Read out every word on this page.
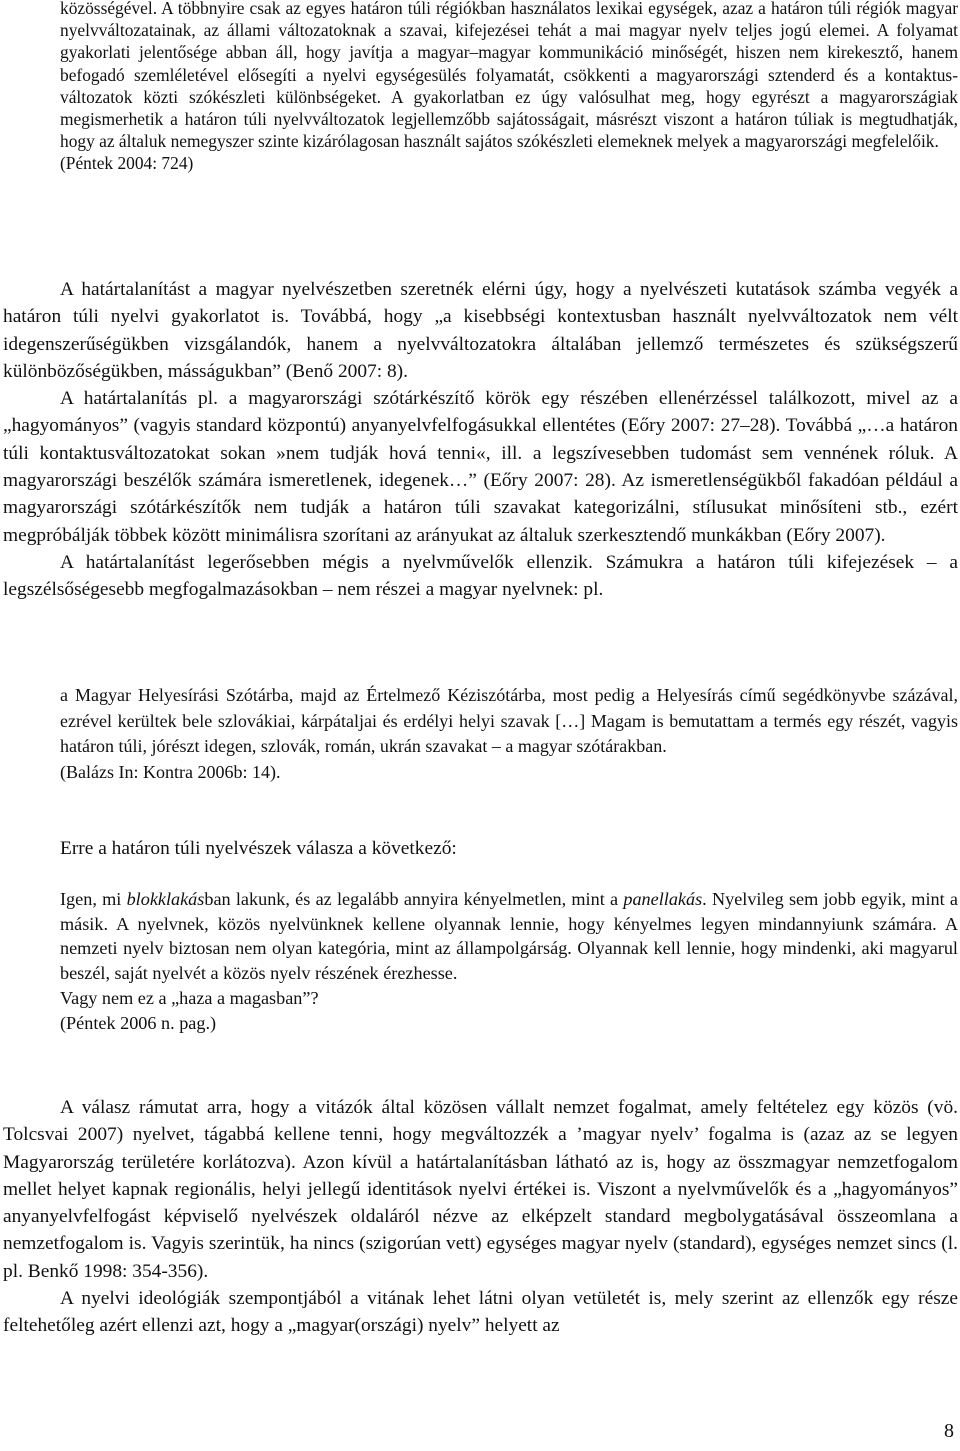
közösségével. A többnyire csak az egyes határon túli régiókban használatos lexikai egységek, azaz a határon túli régiók magyar nyelvváltozatainak, az állami változatoknak a szavai, kifejezései tehát a mai magyar nyelv teljes jogú elemei. A folyamat gyakorlati jelentősége abban áll, hogy javítja a magyar–magyar kommunikáció minőségét, hiszen nem kirekesztő, hanem befogadó szemléletével elősegíti a nyelvi egységesülés folyamatát, csökkenti a magyarországi sztenderd és a kontaktus-változatok közti szókészleti különbségeket. A gyakorlatban ez úgy valósulhat meg, hogy egyrészt a magyarországiak megismerhetik a határon túli nyelvváltozatok legjellemzőbb sajátosságait, másrészt viszont a határon túliak is megtudhatják, hogy az általuk nemegyszer szinte kizárólagosan használt sajátos szókészleti elemeknek melyek a magyarországi megfelelőik.

(Péntek 2004: 724)

A határtalanítást a magyar nyelvészetben szeretnék elérni úgy, hogy a nyelvészeti kutatások számba vegyék a határon túli nyelvi gyakorlatot is. Továbbá, hogy „a kisebbségi kontextusban használt nyelvváltozatok nem vélt idegenszerűségükben vizsgálandók, hanem a nyelvváltozatokra általában jellemző természetes és szükségszerű különbözőségükben, másságukban” (Benő 2007: 8).

A határtalanítás pl. a magyarországi szótárkészítő körök egy részében ellenérzéssel találkozott, mivel az a „hagyományos” (vagyis standard központú) anyanyelvfelfogásukkal ellentétes (Eőry 2007: 27–28). Továbbá „…a határon túli kontaktusváltozatokat sokan »nem tudják hová tenni«, ill. a legszívesebben tudomást sem vennének róluk. A magyarországi beszélők számára ismeretlenek, idegenek…” (Eőry 2007: 28). Az ismeretlenségükből fakadóan például a magyarországi szótárkészítők nem tudják a határon túli szavakat kategorizálni, stílusukat minősíteni stb., ezért megpróbálják többek között minimálisra szorítani az arányukat az általuk szerkesztendő munkákban (Eőry 2007).

A határtalanítást legerősebben mégis a nyelvművelők ellenzik. Számukra a határon túli kifejezések – a legszélsőségesebb megfogalmazásokban – nem részei a magyar nyelvnek: pl.

a Magyar Helyesírási Szótárba, majd az Értelmező Kéziszótárba, most pedig a Helyesírás című segédkönyvbe százával, ezrével kerültek bele szlovákiai, kárpátaljai és erdélyi helyi szavak […] Magam is bemutattam a termés egy részét, vagyis határon túli, jórészt idegen, szlovák, román, ukrán szavakat – a magyar szótárakban.

(Balázs In: Kontra 2006b: 14).

Erre a határon túli nyelvészek válasza a következő:

Igen, mi blokklakásban lakunk, és az legalább annyira kényelmetlen, mint a panellakás. Nyelvileg sem jobb egyik, mint a másik. A nyelvnek, közös nyelvünknek kellene olyannak lennie, hogy kényelmes legyen mindannyiunk számára. A nemzeti nyelv biztosan nem olyan kategória, mint az állampolgárság. Olyannak kell lennie, hogy mindenki, aki magyarul beszél, saját nyelvét a közös nyelv részének érezhesse.

Vagy nem ez a „haza a magasban”?

(Péntek 2006 n. pag.)

A válasz rámutat arra, hogy a vitázók által közösen vállalt nemzet fogalmat, amely feltételez egy közös (vö. Tolcsvai 2007) nyelvet, tágabbá kellene tenni, hogy megváltozzék a ’magyar nyelv’ fogalma is (azaz az se legyen Magyarország területére korlátozva). Azon kívül a határtalanításban látható az is, hogy az összmagyar nemzetfogalom mellet helyet kapnak regionális, helyi jellegű identitások nyelvi értékei is. Viszont a nyelvművelők és a „hagyományos” anyanyelvfelfogást képviselő nyelvészek oldaláról nézve az elképzelt standard megbolygatásával összeomlana a nemzetfogalom is. Vagyis szerintük, ha nincs (szigorúan vett) egységes magyar nyelv (standard), egységes nemzet sincs (l. pl. Benkő 1998: 354-356).

A nyelvi ideológiák szempontjából a vitának lehet látni olyan vetületét is, mely szerint az ellenzők egy része feltehetőleg azért ellenzi azt, hogy a „magyar(országi) nyelv” helyett az

8
